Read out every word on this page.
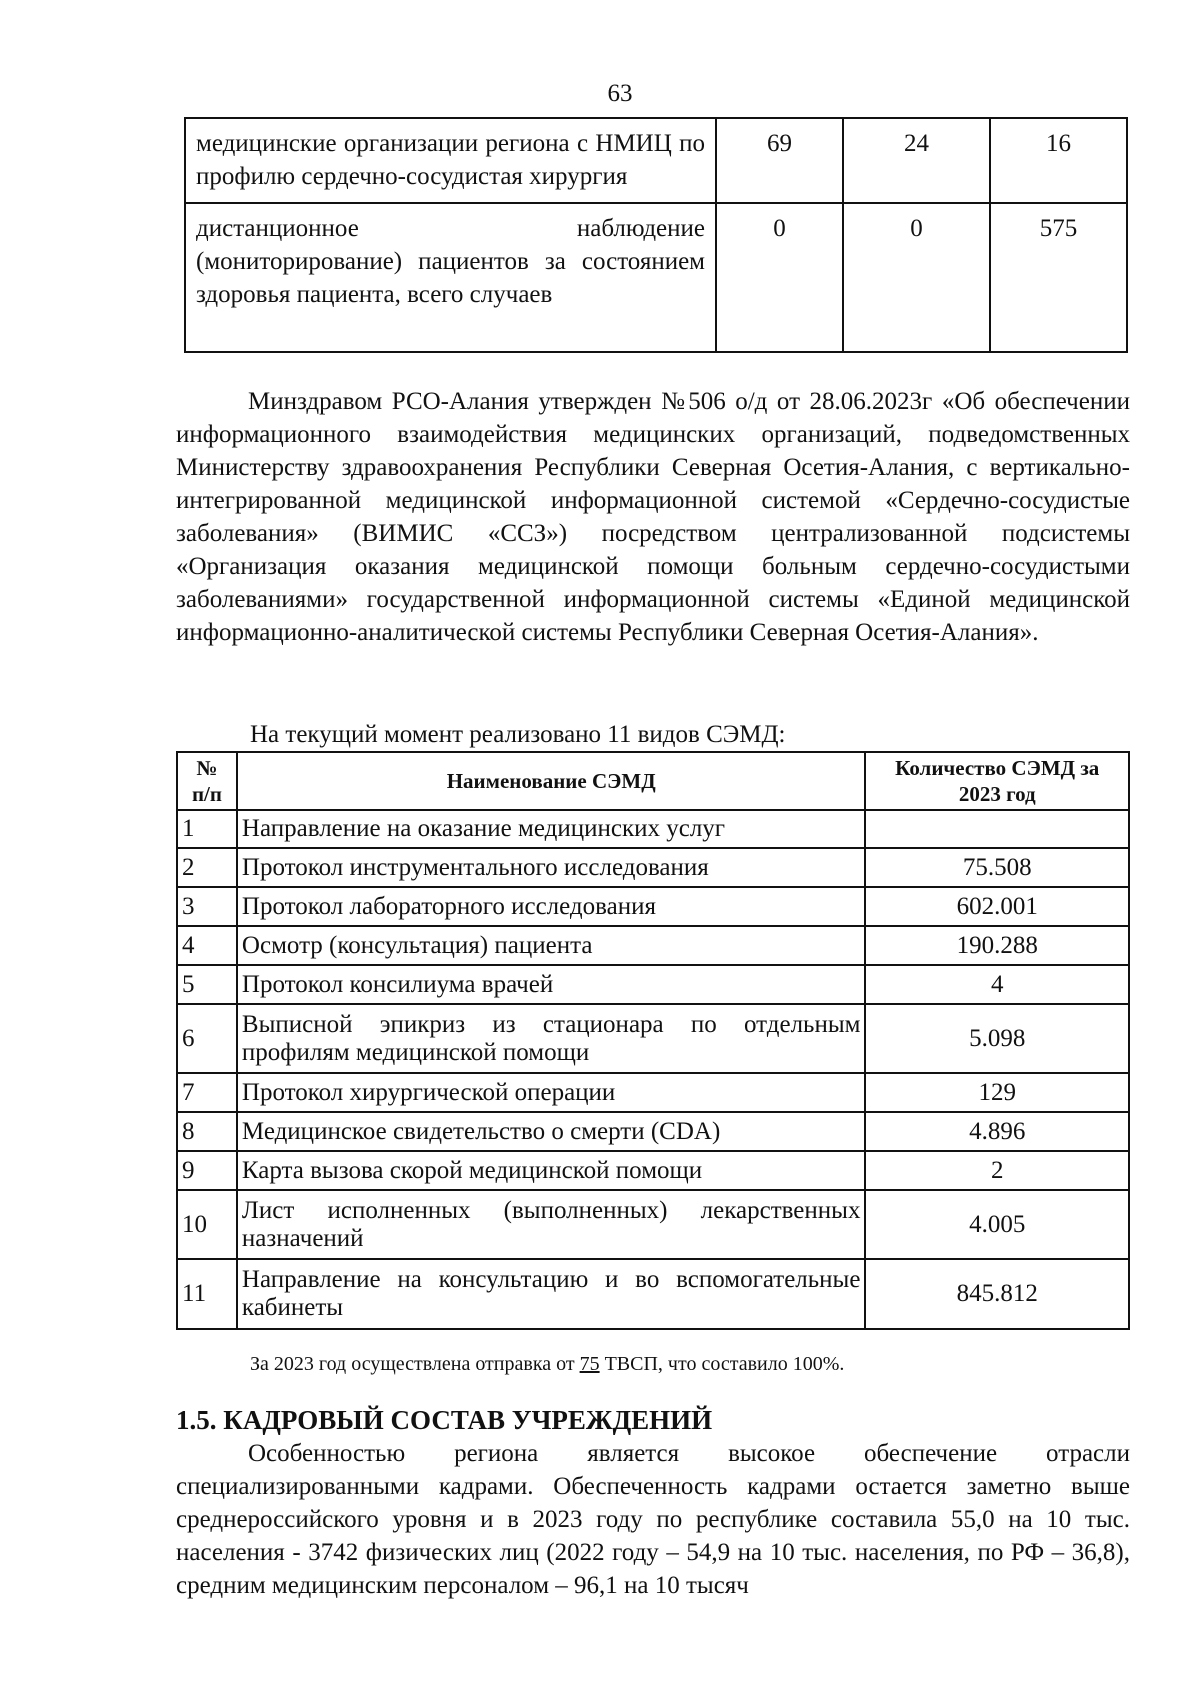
63
медицинские организации региона с НМИЦ по профилю сердечно-сосудистая хирургия	69	24	16
дистанционное наблюдение (мониторирование) пациентов за состоянием здоровья пациента, всего случаев	0	0	575
Минздравом РСО-Алания утвержден №506 о/д от 28.06.2023г «Об обеспечении информационного взаимодействия медицинских организаций, подведомственных Министерству здравоохранения Республики Северная Осетия-Алания, с вертикально-интегрированной медицинской информационной системой «Сердечно-сосудистые заболевания» (ВИМИС «ССЗ») посредством централизованной подсистемы «Организация оказания медицинской помощи больным сердечно-сосудистыми заболеваниями» государственной информационной системы «Единой медицинской информационно-аналитической системы Республики Северная Осетия-Алания».
На текущий момент реализовано 11 видов СЭМД:
№ п/п	Наименование СЭМД	Количество СЭМД за 2023 год
1	Направление на оказание медицинских услуг	
2	Протокол инструментального исследования	75.508
3	Протокол лабораторного исследования	602.001
4	Осмотр (консультация) пациента	190.288
5	Протокол консилиума врачей	4
6	Выписной эпикриз из стационара по отдельным профилям медицинской помощи	5.098
7	Протокол хирургической операции	129
8	Медицинское свидетельство о смерти (CDA)	4.896
9	Карта вызова скорой медицинской помощи	2
10	Лист исполненных (выполненных) лекарственных назначений	4.005
11	Направление на консультацию и во вспомогательные кабинеты	845.812
За 2023 год осуществлена отправка от 75 ТВСП, что составило 100%.
1.5. КАДРОВЫЙ СОСТАВ УЧРЕЖДЕНИЙ
Особенностью региона является высокое обеспечение отрасли специализированными кадрами. Обеспеченность кадрами остается заметно выше среднероссийского уровня и в 2023 году по республике составила 55,0 на 10 тыс. населения - 3742 физических лиц (2022 году – 54,9 на 10 тыс. населения, по РФ – 36,8), средним медицинским персоналом – 96,1 на 10 тысяч
